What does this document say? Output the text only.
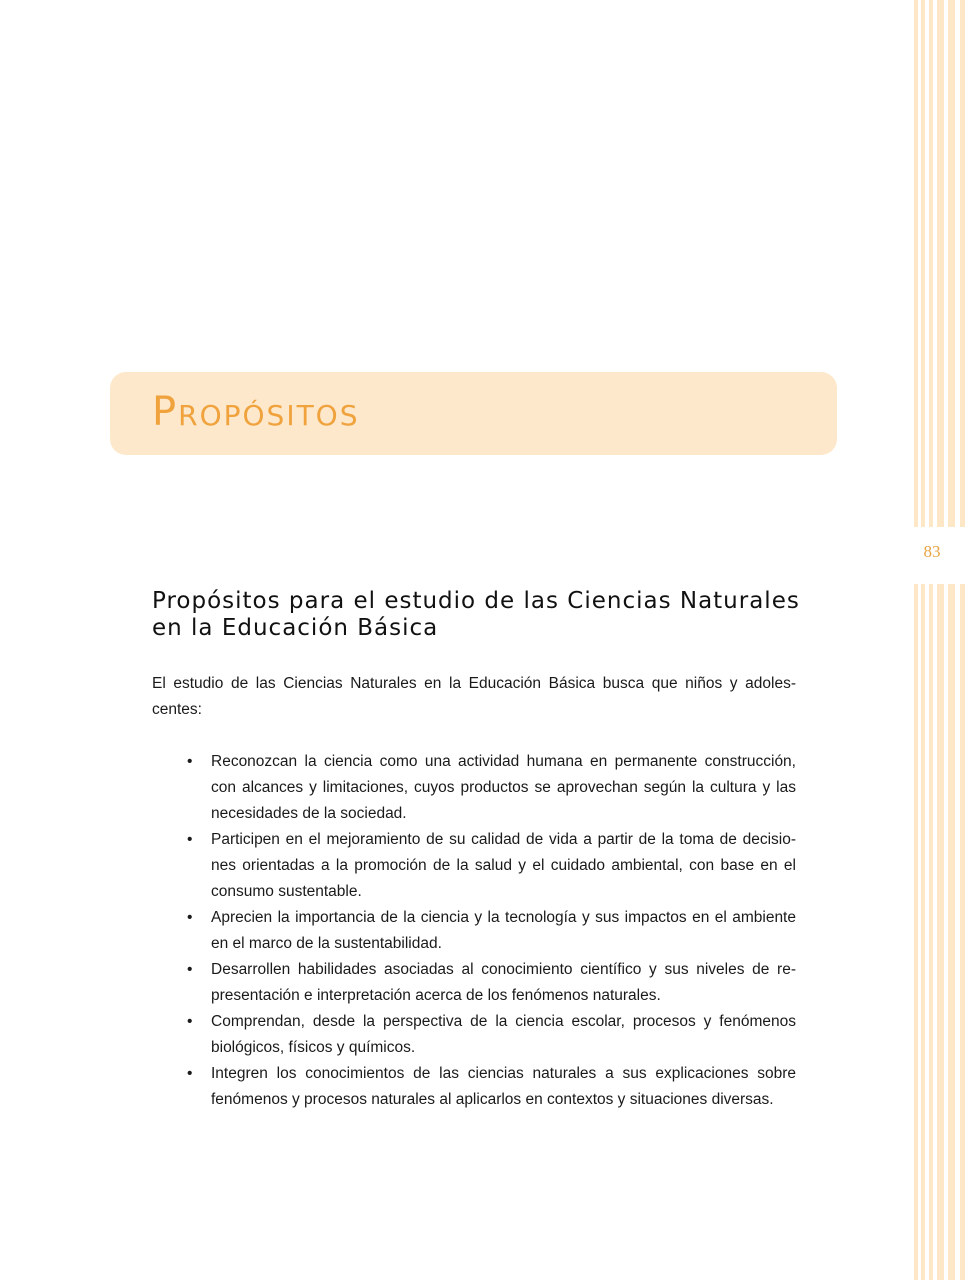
83
Propósitos
Propósitos para el estudio de las Ciencias Naturales en la Educación Básica

El estudio de las Ciencias Naturales en la Educación Básica busca que niños y adoles-centes:

• Reconozcan la ciencia como una actividad humana en permanente construcción, con alcances y limitaciones, cuyos productos se aprovechan según la cultura y las necesidades de la sociedad.
• Participen en el mejoramiento de su calidad de vida a partir de la toma de decisio-nes orientadas a la promoción de la salud y el cuidado ambiental, con base en el consumo sustentable.
• Aprecien la importancia de la ciencia y la tecnología y sus impactos en el ambiente en el marco de la sustentabilidad.
• Desarrollen habilidades asociadas al conocimiento científico y sus niveles de re-presentación e interpretación acerca de los fenómenos naturales.
• Comprendan, desde la perspectiva de la ciencia escolar, procesos y fenómenos biológicos, físicos y químicos.
• Integren los conocimientos de las ciencias naturales a sus explicaciones sobre fenómenos y procesos naturales al aplicarlos en contextos y situaciones diversas.
